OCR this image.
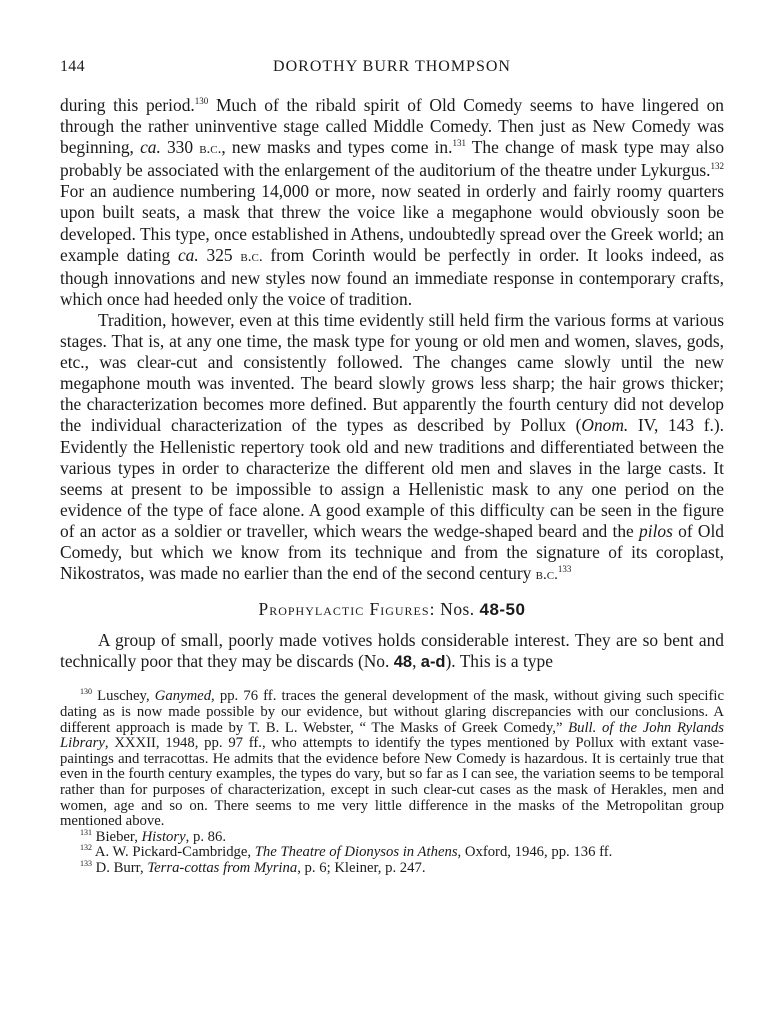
144	DOROTHY BURR THOMPSON

during this period.$^{130}$ Much of the ribald spirit of Old Comedy seems to have lingered on through the rather uninventive stage called Middle Comedy. Then just as New Comedy was beginning, ca. 330 b.c., new masks and types come in.$^{131}$ The change of mask type may also probably be associated with the enlargement of the auditorium of the theatre under Lykurgus.$^{132}$ For an audience numbering 14,000 or more, now seated in orderly and fairly roomy quarters upon built seats, a mask that threw the voice like a megaphone would obviously soon be developed. This type, once established in Athens, undoubtedly spread over the Greek world; an example dating ca. 325 b.c. from Corinth would be perfectly in order. It looks indeed, as though innovations and new styles now found an immediate response in contemporary crafts, which once had heeded only the voice of tradition.

Tradition, however, even at this time evidently still held firm the various forms at various stages. That is, at any one time, the mask type for young or old men and women, slaves, gods, etc., was clear-cut and consistently followed. The changes came slowly until the new megaphone mouth was invented. The beard slowly grows less sharp; the hair grows thicker; the characterization becomes more defined. But apparently the fourth century did not develop the individual characterization of the types as described by Pollux (Onom. IV, 143 f.). Evidently the Hellenistic repertory took old and new traditions and differentiated between the various types in order to characterize the different old men and slaves in the large casts. It seems at present to be impossible to assign a Hellenistic mask to any one period on the evidence of the type of face alone. A good example of this difficulty can be seen in the figure of an actor as a soldier or traveller, which wears the wedge-shaped beard and the pilos of Old Comedy, but which we know from its technique and from the signature of its coroplast, Nikostratos, was made no earlier than the end of the second century b.c.$^{133}$

Prophylactic Figures: Nos. 48-50

A group of small, poorly made votives holds considerable interest. They are so bent and technically poor that they may be discards (No. 48, a-d). This is a type

$^{130}$ Luschey, Ganymed, pp. 76 ff. traces the general development of the mask, without giving such specific dating as is now made possible by our evidence, but without glaring discrepancies with our conclusions. A different approach is made by T. B. L. Webster, “ The Masks of Greek Comedy,” Bull. of the John Rylands Library, XXXII, 1948, pp. 97 ff., who attempts to identify the types mentioned by Pollux with extant vase-paintings and terracottas. He admits that the evidence before New Comedy is hazardous. It is certainly true that even in the fourth century examples, the types do vary, but so far as I can see, the variation seems to be temporal rather than for purposes of characterization, except in such clear-cut cases as the mask of Herakles, men and women, age and so on. There seems to me very little difference in the masks of the Metropolitan group mentioned above.

$^{131}$ Bieber, History, p. 86.

$^{132}$ A. W. Pickard-Cambridge, The Theatre of Dionysos in Athens, Oxford, 1946, pp. 136 ff.

$^{133}$ D. Burr, Terra-cottas from Myrina, p. 6; Kleiner, p. 247.
